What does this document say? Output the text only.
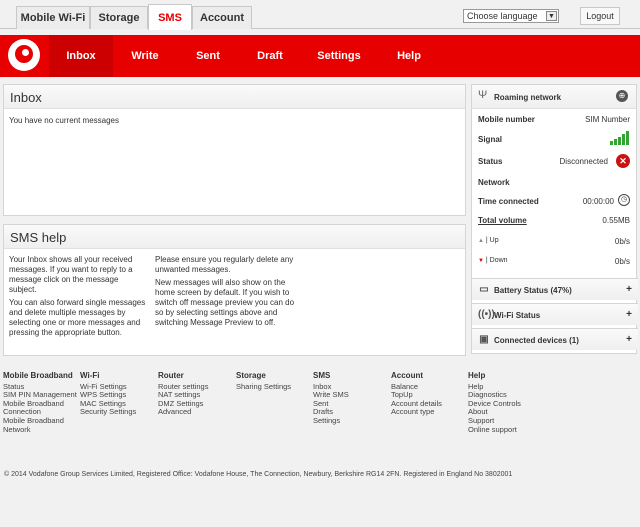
Mobile Wi-Fi	Storage	SMS	Account	Choose language ▼	Logout
Inbox	Write	Sent	Draft	Settings	Help
Inbox
You have no current messages
SMS help
Your Inbox shows all your received messages. If you want to reply to a message click on the message subject.
You can also forward single messages and delete multiple messages by selecting one or more messages and pressing the appropriate button.
Please ensure you regularly delete any unwanted messages.
New messages will also show on the home screen by default. If you wish to switch off message preview you can do so by selecting settings above and switching Message Preview to off.
Ψ Roaming network	⊕
Mobile number	SIM Number
Signal
Status	Disconnected	✕
Network
Time connected	00:00:00 ◷
Total volume	0.55MB
▲ | Up	0b/s
▼ | Down	0b/s
▭ Battery Status (47%)	+
((•)) Wi-Fi Status	+
▣ Connected devices (1)	+
Mobile Broadband
Status
SIM PIN Management
Mobile Broadband Connection
Mobile Broadband Network
Wi-Fi
Wi-Fi Settings
WPS Settings
MAC Settings
Security Settings
Router
Router settings
NAT settings
DMZ Settings
Advanced
Storage
Sharing Settings
SMS
Inbox
Write SMS
Sent
Drafts
Settings
Account
Balance
TopUp
Account details
Account type
Help
Help
Diagnostics
Device Controls
About
Support
Online support
© 2014 Vodafone Group Services Limited, Registered Office: Vodafone House, The Connection, Newbury, Berkshire RG14 2FN. Registered in England No 3802001
